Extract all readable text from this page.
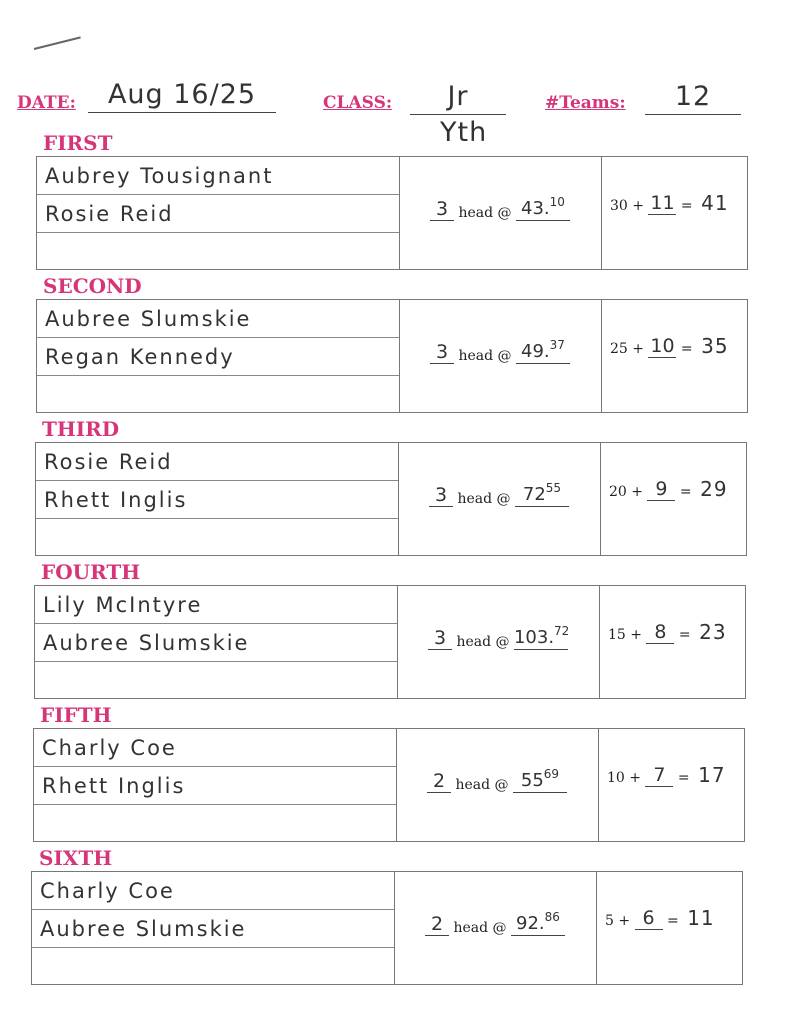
DATE:	Aug 16/25	CLASS:	Jr
Yth
#Teams:	12
FIRST
Aubrey Tousignant
Rosie Reid	3 head @ 43.10	30 + 11 = 41
SECOND
Aubree Slumskie
Regan Kennedy	3 head @ 49.37	25 + 10 = 35
THIRD
Rosie Reid
Rhett Inglis	3 head @ $72^{55}$	20 + 9 = 29
FOURTH
Lily McIntyre
Aubree Slumskie	3 head @ 103.72	15 + 8 = 23
FIFTH
Charly Coe
Rhett Inglis	2 head @ $55^{69}$	10 + 7 = 17
SIXTH
Charly Coe
Aubree Slumskie	2 head @ 92.86	5 + 6 = 11
